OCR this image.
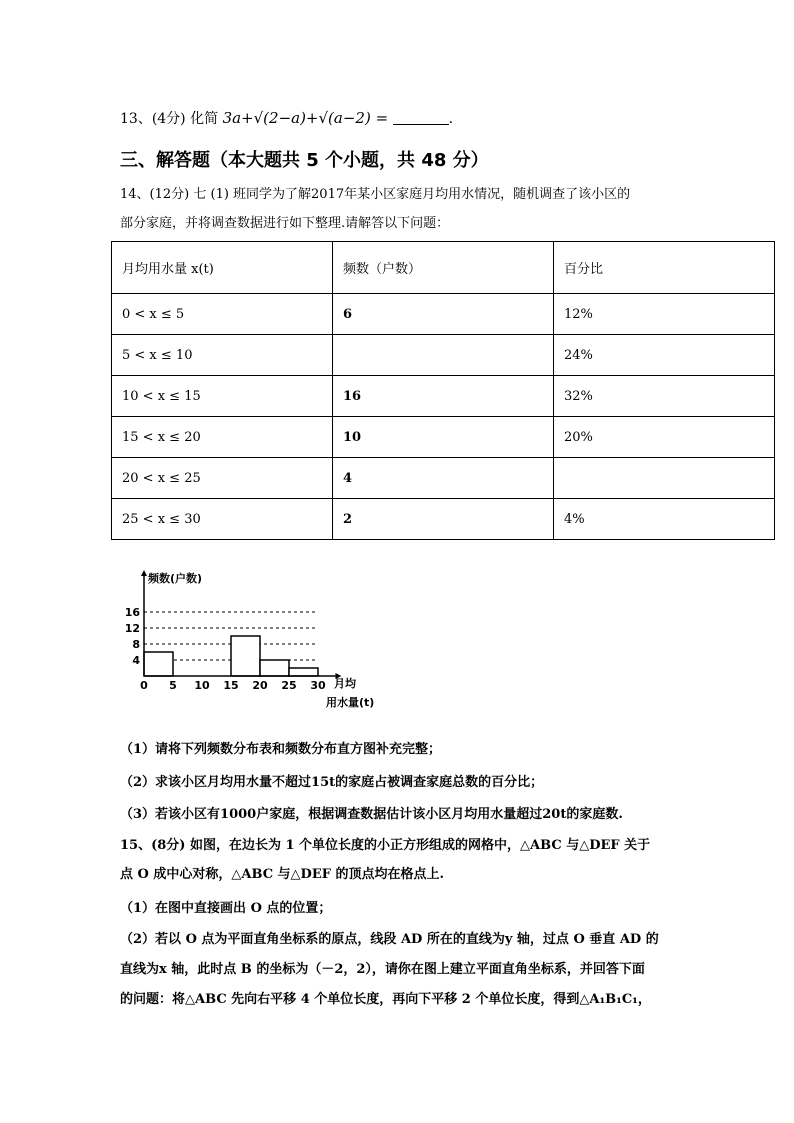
13、(4分) 化简 3a+√(2−a)+√(a−2) =	.
三、解答题（本大题共 5 个小题，共 48 分）
14、(12分) 七 (1) 班同学为了解2017年某小区家庭月均用水情况，随机调查了该小区的
部分家庭，并将调查数据进行如下整理.请解答以下问题：
月均用水量 x(t)	频数（户数）	百分比
0 < x ≤ 5	6	12%
5 < x ≤ 10		24%
10 < x ≤ 15	16	32%
15 < x ≤ 20	10	20%
20 < x ≤ 25	4	
25 < x ≤ 30	2	4%
4
8
12
16
0 5 10 15 20 25 30
频数(户数)
月均
用水量(t)
（1）请将下列频数分布表和频数分布直方图补充完整；
（2）求该小区月均用水量不超过15t的家庭占被调查家庭总数的百分比；
（3）若该小区有1000户家庭，根据调查数据估计该小区月均用水量超过20t的家庭数.
15、(8分) 如图，在边长为 1 个单位长度的小正方形组成的网格中，△ABC 与△DEF 关于
点 O 成中心对称，△ABC 与△DEF 的顶点均在格点上.
（1）在图中直接画出 O 点的位置；
（2）若以 O 点为平面直角坐标系的原点，线段 AD 所在的直线为y 轴，过点 O 垂直 AD 的
直线为x 轴，此时点 B 的坐标为（－2，2），请你在图上建立平面直角坐标系，并回答下面
的问题：将△ABC 先向右平移 4 个单位长度，再向下平移 2 个单位长度，得到△A₁B₁C₁，
